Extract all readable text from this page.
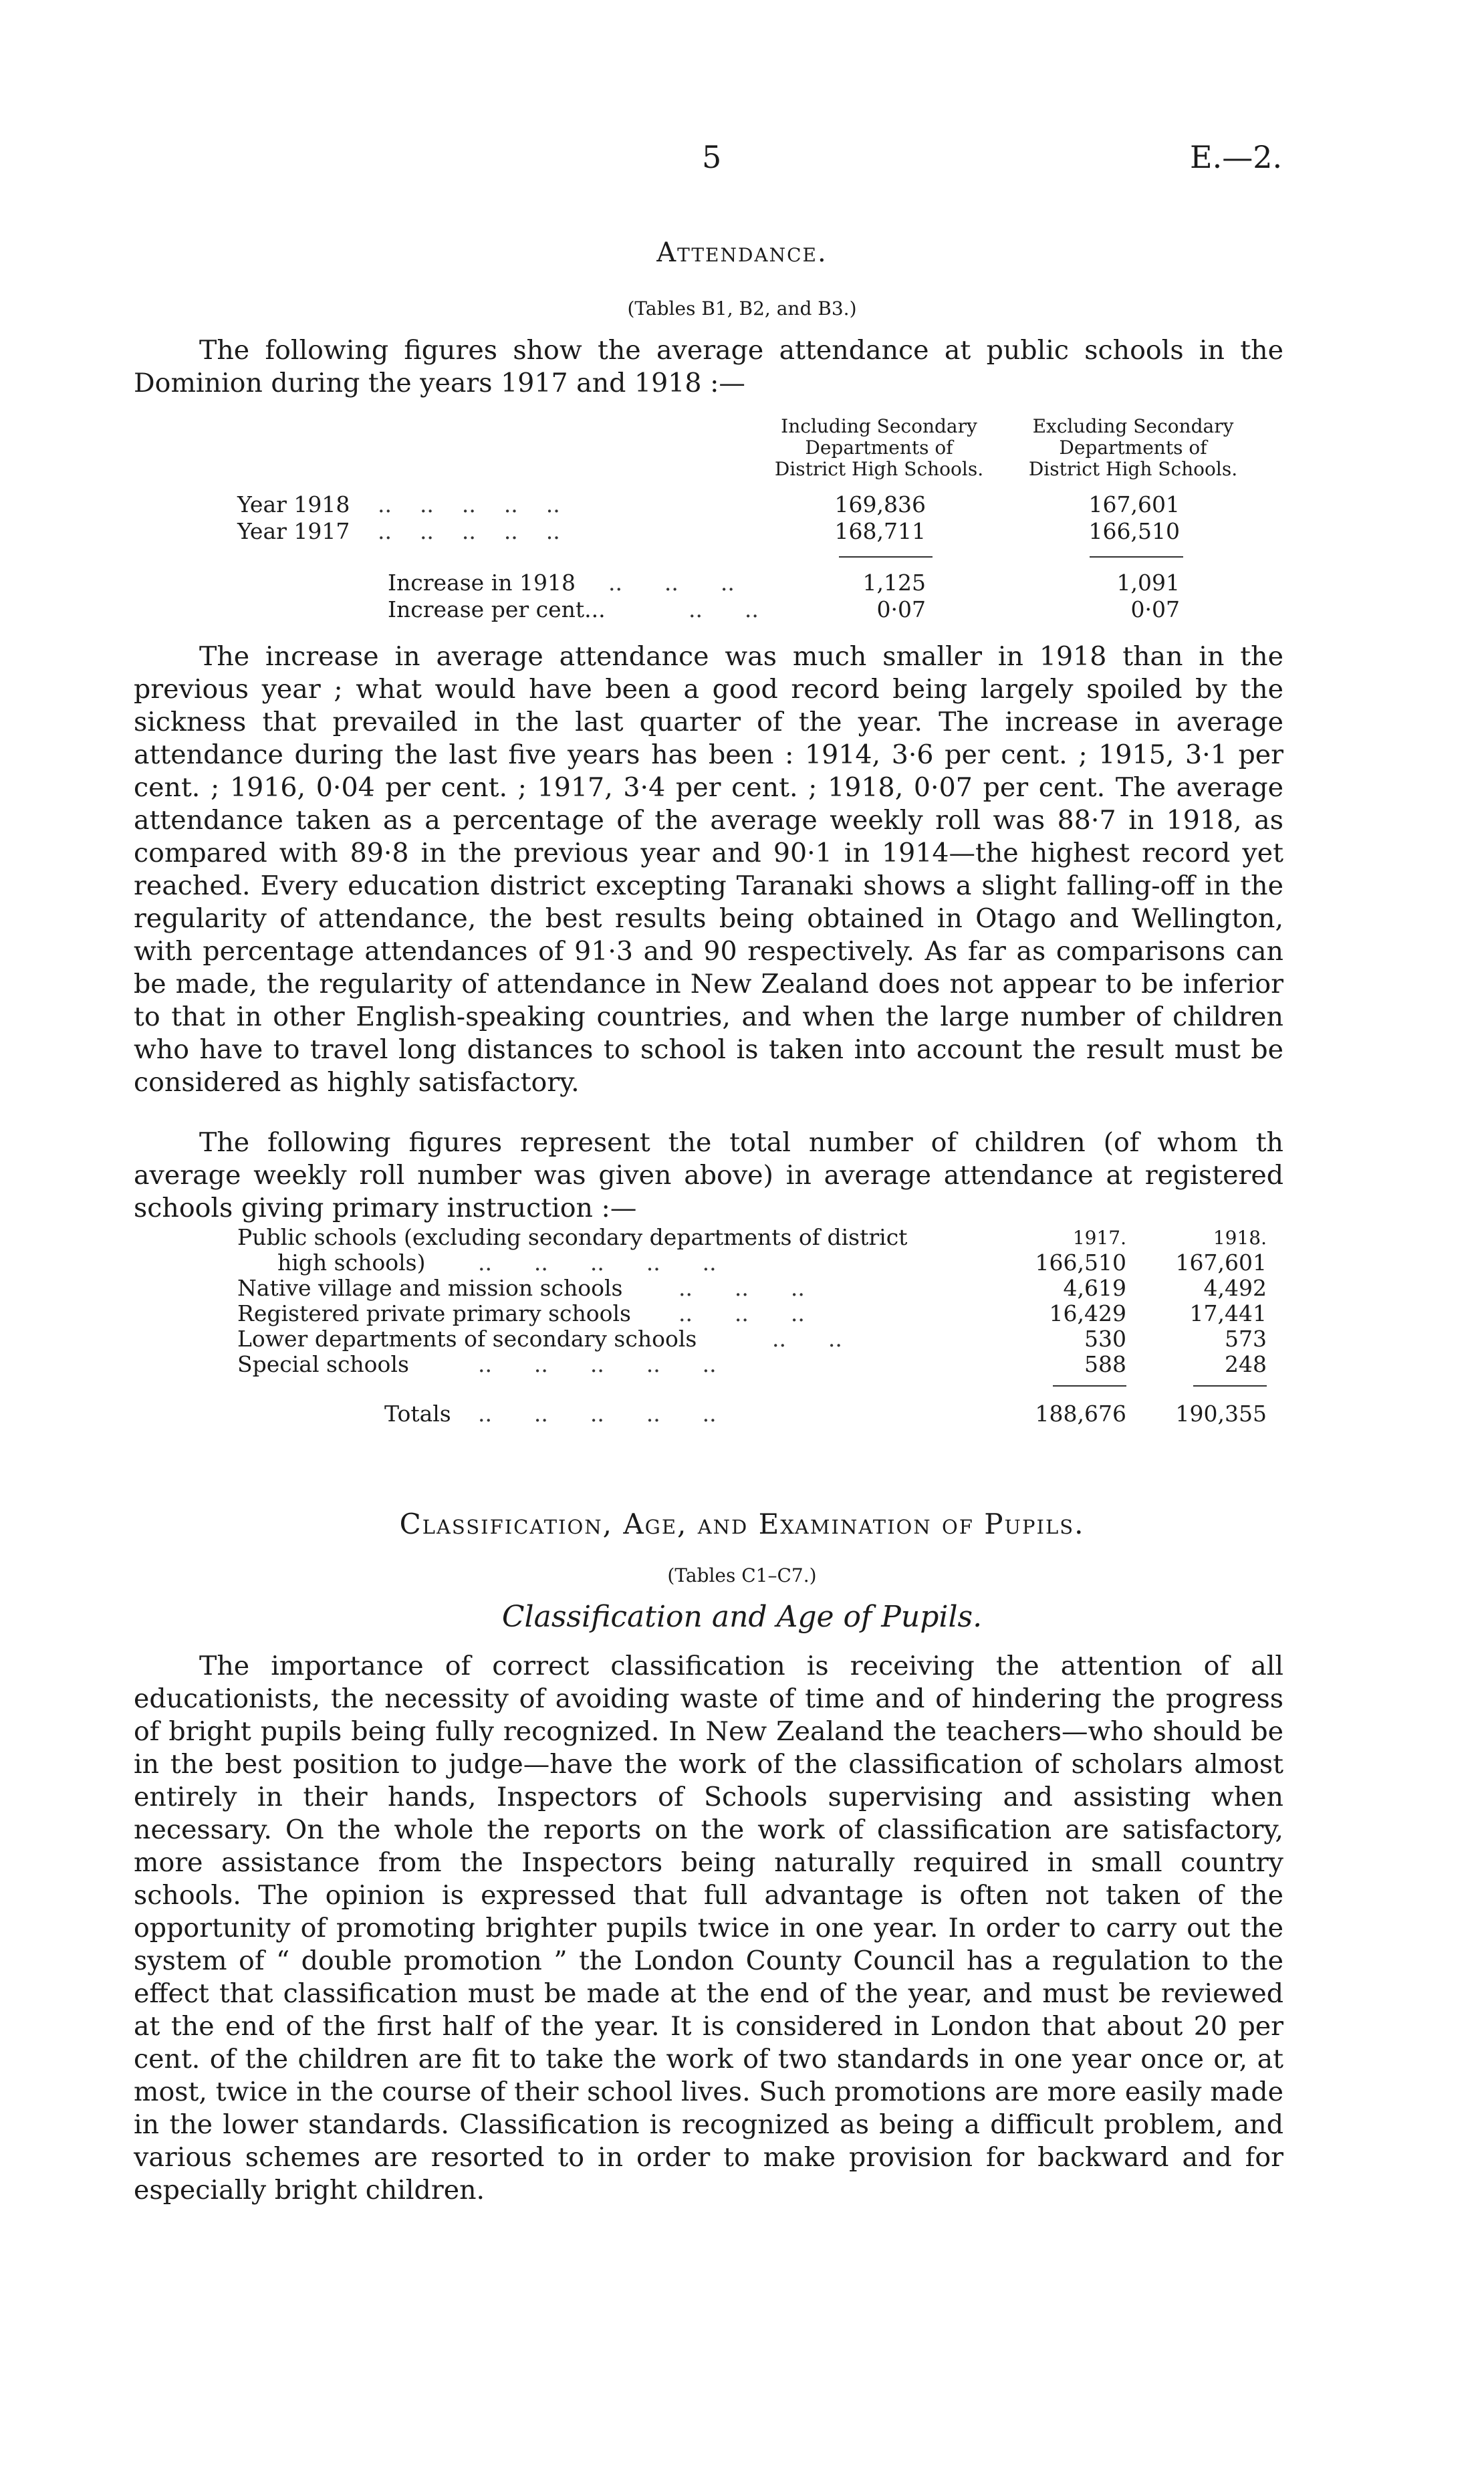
5	E.—2.
Attendance.
(Tables B1, B2, and B3.)

The following figures show the average attendance at public schools in the Dominion during the years 1917 and 1918 :—

Including Secondary Departments of District High Schools.
Excluding Secondary Departments of District High Schools.
Year 1918 ..    ..    ..    ..    ..	169,836	167,601
Year 1917 ..    ..    ..    ..    ..	168,711	166,510
Increase in 1918 ..      ..      ..	1,125	1,091
Increase per cent...	..      ..	0·07	0·07

The increase in average attendance was much smaller in 1918 than in the previous year ; what would have been a good record being largely spoiled by the sickness that prevailed in the last quarter of the year. The increase in average attendance during the last five years has been : 1914, 3·6 per cent. ; 1915, 3·1 per cent. ; 1916, 0·04 per cent. ; 1917, 3·4 per cent. ; 1918, 0·07 per cent. The average attendance taken as a percentage of the average weekly roll was 88·7 in 1918, as compared with 89·8 in the previous year and 90·1 in 1914—the highest record yet reached. Every education district excepting Taranaki shows a slight falling-off in the regularity of attendance, the best results being obtained in Otago and Wellington, with percentage attendances of 91·3 and 90 respectively. As far as comparisons can be made, the regularity of attendance in New Zealand does not appear to be inferior to that in other English-speaking countries, and when the large number of children who have to travel long distances to school is taken into account the result must be considered as highly satisfactory.

The following figures represent the total number of children (of whom th average weekly roll number was given above) in average attendance at registered schools giving primary instruction :—

Public schools (excluding secondary departments of district	1917.	1918.
high schools) ..      ..      ..      ..      ..	166,510	167,601
Native village and mission schools	..      ..      ..	4,619	4,492
Registered private primary schools ..      ..      ..	16,429	17,441
Lower departments of secondary schools	..      ..	530	573
Special schools	..      ..      ..      ..      ..	588	248
Totals ..      ..      ..      ..      ..	188,676	190,355
Classification, Age, and Examination of Pupils.
(Tables C1–C7.)
Classification and Age of Pupils.

The importance of correct classification is receiving the attention of all educationists, the necessity of avoiding waste of time and of hindering the progress of bright pupils being fully recognized. In New Zealand the teachers—who should be in the best position to judge—have the work of the classification of scholars almost entirely in their hands, Inspectors of Schools supervising and assisting when necessary. On the whole the reports on the work of classification are satisfactory, more assistance from the Inspectors being naturally required in small country schools. The opinion is expressed that full advantage is often not taken of the opportunity of promoting brighter pupils twice in one year. In order to carry out the system of “ double promotion ” the London County Council has a regulation to the effect that classification must be made at the end of the year, and must be reviewed at the end of the first half of the year. It is considered in London that about 20 per cent. of the children are fit to take the work of two standards in one year once or, at most, twice in the course of their school lives. Such promotions are more easily made in the lower standards. Classification is recognized as being a difficult problem, and various schemes are resorted to in order to make provision for backward and for especially bright children.
